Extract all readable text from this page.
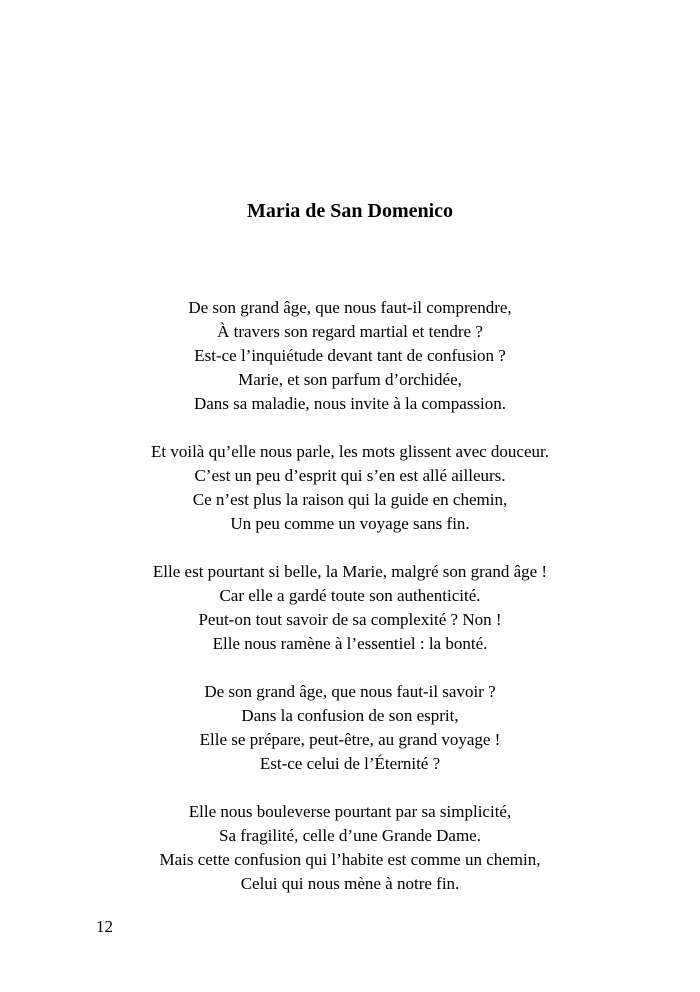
Maria de San Domenico
De son grand âge, que nous faut-il comprendre,
À travers son regard martial et tendre ?
Est-ce l’inquiétude devant tant de confusion ?
Marie, et son parfum d’orchidée,
Dans sa maladie, nous invite à la compassion.
Et voilà qu’elle nous parle, les mots glissent avec douceur.
C’est un peu d’esprit qui s’en est allé ailleurs.
Ce n’est plus la raison qui la guide en chemin,
Un peu comme un voyage sans fin.
Elle est pourtant si belle, la Marie, malgré son grand âge !
Car elle a gardé toute son authenticité.
Peut-on tout savoir de sa complexité ? Non !
Elle nous ramène à l’essentiel : la bonté.
De son grand âge, que nous faut-il savoir ?
Dans la confusion de son esprit,
Elle se prépare, peut-être, au grand voyage !
Est-ce celui de l’Éternité ?
Elle nous bouleverse pourtant par sa simplicité,
Sa fragilité, celle d’une Grande Dame.
Mais cette confusion qui l’habite est comme un chemin,
Celui qui nous mène à notre fin.
12
